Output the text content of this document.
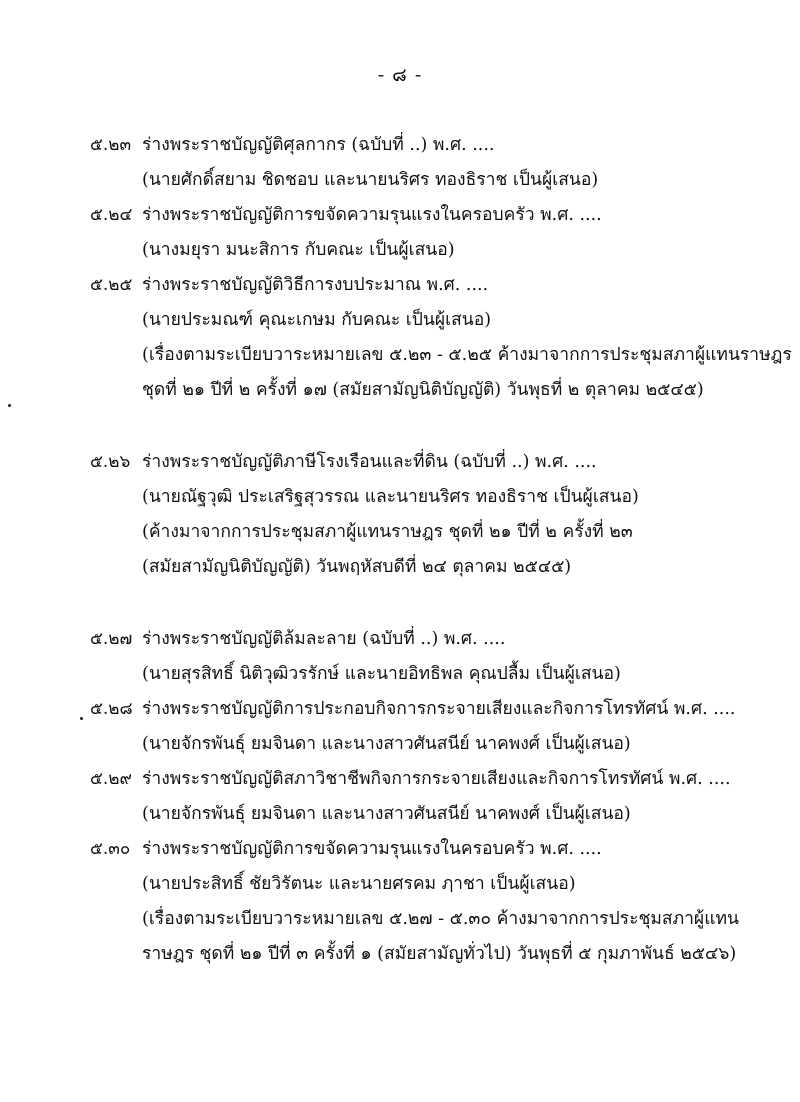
- ๘ -
๕.๒๓ ร่างพระราชบัญญัติศุลกากร (ฉบับที่ ..) พ.ศ. ....
(นายศักดิ์สยาม ชิดชอบ และนายนริศร ทองธิราช เป็นผู้เสนอ)
๕.๒๔ ร่างพระราชบัญญัติการขจัดความรุนแรงในครอบครัว พ.ศ. ....
(นางมยุรา มนะสิการ กับคณะ เป็นผู้เสนอ)
๕.๒๕ ร่างพระราชบัญญัติวิธีการงบประมาณ พ.ศ. ....
(นายประมณฑ์ คุณะเกษม กับคณะ เป็นผู้เสนอ)
(เรื่องตามระเบียบวาระหมายเลข ๕.๒๓ - ๕.๒๕ ค้างมาจากการประชุมสภาผู้แทนราษฎร
ชุดที่ ๒๑ ปีที่ ๒ ครั้งที่ ๑๗ (สมัยสามัญนิติบัญญัติ) วันพุธที่ ๒ ตุลาคม ๒๕๔๕)
๕.๒๖ ร่างพระราชบัญญัติภาษีโรงเรือนและที่ดิน (ฉบับที่ ..) พ.ศ. ....
(นายณัฐวุฒิ ประเสริฐสุวรรณ และนายนริศร ทองธิราช เป็นผู้เสนอ)
(ค้างมาจากการประชุมสภาผู้แทนราษฎร ชุดที่ ๒๑ ปีที่ ๒ ครั้งที่ ๒๓
(สมัยสามัญนิติบัญญัติ) วันพฤหัสบดีที่ ๒๔ ตุลาคม ๒๕๔๕)
๕.๒๗ ร่างพระราชบัญญัติล้มละลาย (ฉบับที่ ..) พ.ศ. ....
(นายสุรสิทธิ์ นิติวุฒิวรรักษ์ และนายอิทธิพล คุณปลื้ม เป็นผู้เสนอ)
๕.๒๘ ร่างพระราชบัญญัติการประกอบกิจการกระจายเสียงและกิจการโทรทัศน์ พ.ศ. ....
(นายจักรพันธุ์ ยมจินดา และนางสาวศันสนีย์ นาคพงศ์ เป็นผู้เสนอ)
๕.๒๙ ร่างพระราชบัญญัติสภาวิชาชีพกิจการกระจายเสียงและกิจการโทรทัศน์ พ.ศ. ....
(นายจักรพันธุ์ ยมจินดา และนางสาวศันสนีย์ นาคพงศ์ เป็นผู้เสนอ)
๕.๓๐ ร่างพระราชบัญญัติการขจัดความรุนแรงในครอบครัว พ.ศ. ....
(นายประสิทธิ์ ชัยวิรัตนะ และนายศรคม ฦาชา เป็นผู้เสนอ)
(เรื่องตามระเบียบวาระหมายเลข ๕.๒๗ - ๕.๓๐ ค้างมาจากการประชุมสภาผู้แทน
ราษฎร ชุดที่ ๒๑ ปีที่ ๓ ครั้งที่ ๑ (สมัยสามัญทั่วไป) วันพุธที่ ๕ กุมภาพันธ์ ๒๕๔๖)
